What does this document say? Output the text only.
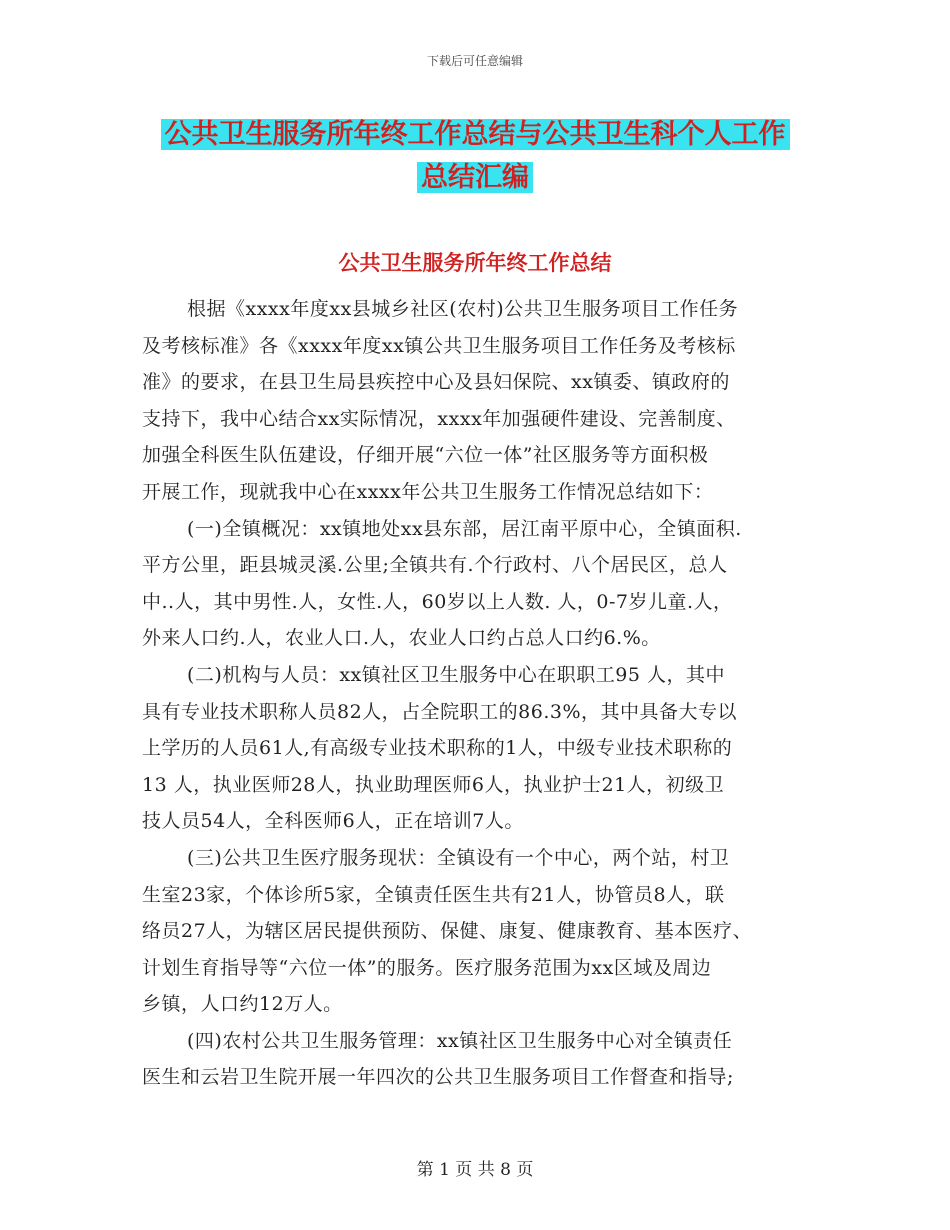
下载后可任意编辑
公共卫生服务所年终工作总结与公共卫生科个人工作
总结汇编
公共卫生服务所年终工作总结
根据《xxxx年度xx县城乡社区(农村)公共卫生服务项目工作任务
及考核标准》各《xxxx年度xx镇公共卫生服务项目工作任务及考核标
准》的要求，在县卫生局县疾控中心及县妇保院、xx镇委、镇政府的
支持下，我中心结合xx实际情况，xxxx年加强硬件建设、完善制度、
加强全科医生队伍建设，仔细开展“六位一体”社区服务等方面积极
开展工作，现就我中心在xxxx年公共卫生服务工作情况总结如下：
(一)全镇概况：xx镇地处xx县东部，居江南平原中心，全镇面积.
平方公里，距县城灵溪.公里;全镇共有.个行政村、八个居民区，总人
中..人，其中男性.人，女性.人，60岁以上人数. 人，0-7岁儿童.人，
外来人口约.人，农业人口.人，农业人口约占总人口约6.%。
(二)机构与人员：xx镇社区卫生服务中心在职职工95 人，其中
具有专业技术职称人员82人，占全院职工的86.3%，其中具备大专以
上学历的人员61人,有高级专业技术职称的1人，中级专业技术职称的
13 人，执业医师28人，执业助理医师6人，执业护士21人，初级卫
技人员54人，全科医师6人，正在培训7人。
(三)公共卫生医疗服务现状：全镇设有一个中心，两个站，村卫
生室23家，个体诊所5家，全镇责任医生共有21人，协管员8人，联
络员27人，为辖区居民提供预防、保健、康复、健康教育、基本医疗、
计划生育指导等“六位一体”的服务。医疗服务范围为xx区域及周边
乡镇，人口约12万人。
(四)农村公共卫生服务管理：xx镇社区卫生服务中心对全镇责任
医生和云岩卫生院开展一年四次的公共卫生服务项目工作督查和指导;
第 1 页 共 8 页
